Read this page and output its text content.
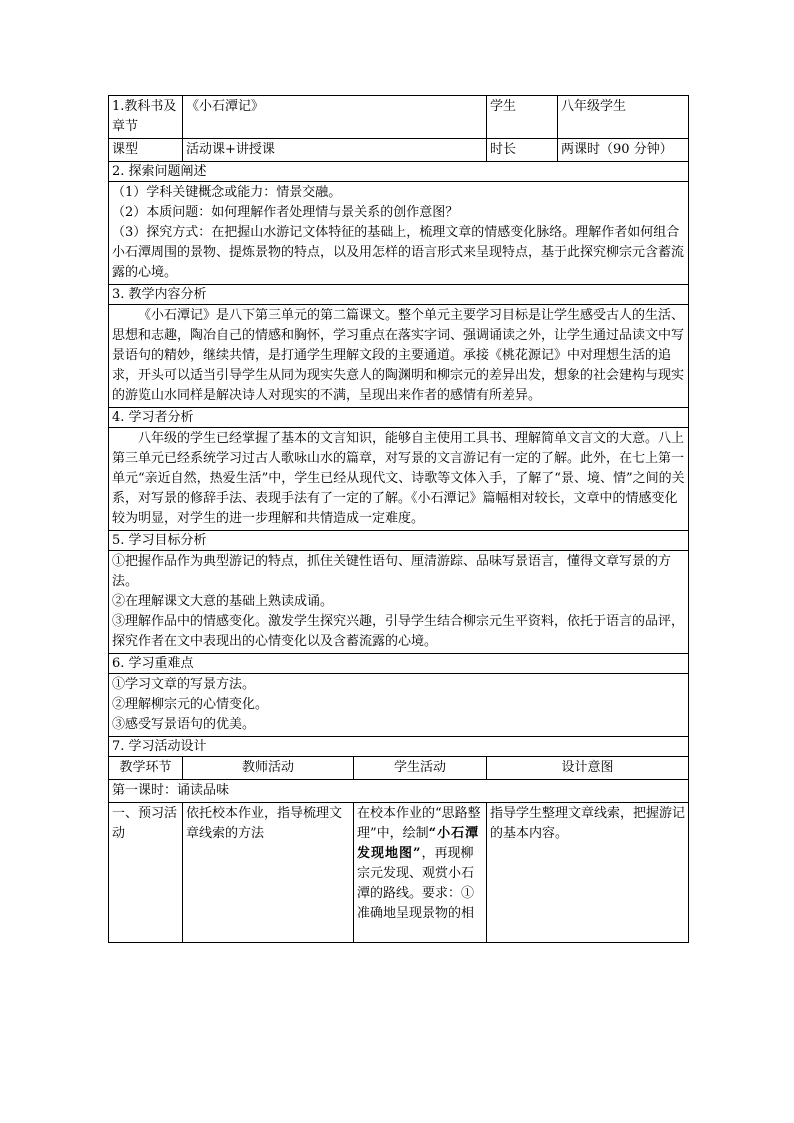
1.教科书及章节	《小石潭记》		学生	八年级学生
课型	活动课+讲授课		时长	两课时（90 分钟）
2. 探索问题阐述				

（1）学科关键概念或能力：情景交融。

（2）本质问题：如何理解作者处理情与景关系的创作意图？

（3）探究方式：在把握山水游记文体特征的基础上，梳理文章的情感变化脉络。理解作者如何组合小石潭周围的景物、提炼景物的特点，以及用怎样的语言形式来呈现特点，基于此探究柳宗元含蓄流露的心境。				

3. 教学内容分析				

《小石潭记》是八下第三单元的第二篇课文。整个单元主要学习目标是让学生感受古人的生活、思想和志趣，陶冶自己的情感和胸怀，学习重点在落实字词、强调诵读之外，让学生通过品读文中写景语句的精妙，继续共情，是打通学生理解文段的主要通道。承接《桃花源记》中对理想生活的追求，开头可以适当引导学生从同为现实失意人的陶渊明和柳宗元的差异出发，想象的社会建构与现实的游览山水同样是解决诗人对现实的不满，呈现出来作者的感情有所差异。				

4. 学习者分析				

八年级的学生已经掌握了基本的文言知识，能够自主使用工具书、理解简单文言文的大意。八上第三单元已经系统学习过古人歌咏山水的篇章，对写景的文言游记有一定的了解。此外，在七上第一单元“亲近自然，热爱生活”中，学生已经从现代文、诗歌等文体入手，了解了“景、境、情”之间的关系，对写景的修辞手法、表现手法有了一定的了解。《小石潭记》篇幅相对较长，文章中的情感变化较为明显，对学生的进一步理解和共情造成一定难度。				

5. 学习目标分析				

①把握作品作为典型游记的特点，抓住关键性语句、厘清游踪、品味写景语言，懂得文章写景的方法。

②在理解课文大意的基础上熟读成诵。

③理解作品中的情感变化。激发学生探究兴趣，引导学生结合柳宗元生平资料，依托于语言的品评，探究作者在文中表现出的心情变化以及含蓄流露的心境。				

6. 学习重难点				

①学习文章的写景方法。

②理解柳宗元的心情变化。

③感受写景语句的优美。				

7. 学习活动设计				
教学环节	教师活动	学生活动	设计意图	
第一课时：诵读品味				
一、预习活动	依托校本作业，指导梳理文章线索的方法	在校本作业的“思路整理”中，绘制“小石潭发现地图”，再现柳宗元发现、观赏小石潭的路线。要求：①准确地呈现景物的相	指导学生整理文章线索，把握游记的基本内容。	
